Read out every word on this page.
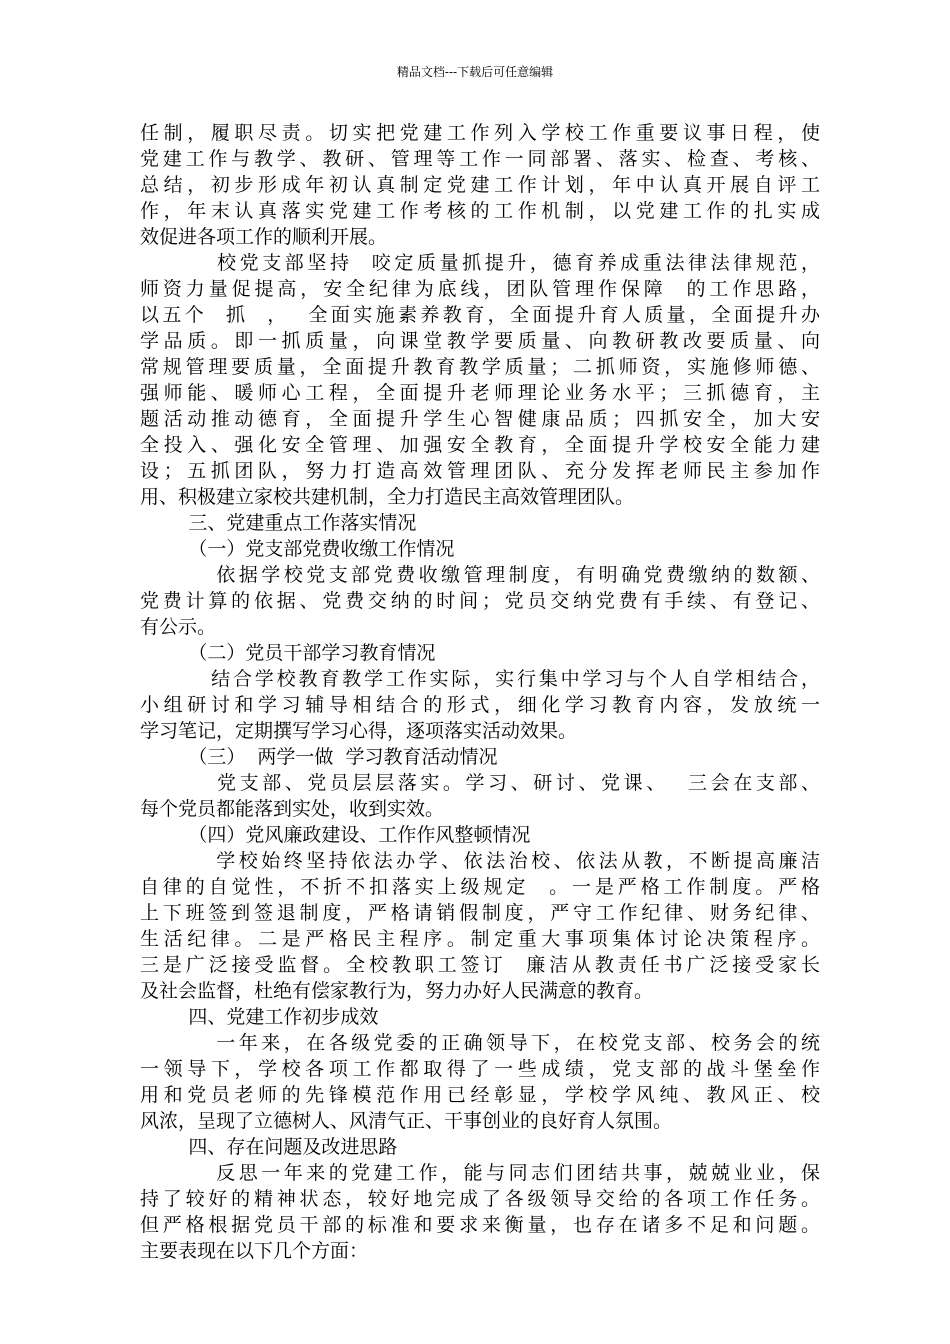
精品文档---下载后可任意编辑
任制，履职尽责。切实把党建工作列入学校工作重要议事日程，使
党建工作与教学、教研、管理等工作一同部署、落实、检查、考核、
总结，初步形成年初认真制定党建工作计划，年中认真开展自评工
作，年末认真落实党建工作考核的工作机制，以党建工作的扎实成
效促进各项工作的顺利开展。
校党支部坚持  咬定质量抓提升，德育养成重法律法律规范，
师资力量促提高，安全纪律为底线，团队管理作保障  的工作思路，
以五个  抓  ，  全面实施素养教育，全面提升育人质量，全面提升办
学品质。即一抓质量，向课堂教学要质量、向教研教改要质量、向
常规管理要质量，全面提升教育教学质量；二抓师资，实施修师德、
强师能、暖师心工程，全面提升老师理论业务水平；三抓德育，主
题活动推动德育，全面提升学生心智健康品质；四抓安全，加大安
全投入、强化安全管理、加强安全教育，全面提升学校安全能力建
设；五抓团队，努力打造高效管理团队、充分发挥老师民主参加作
用、积极建立家校共建机制，全力打造民主高效管理团队。
三、党建重点工作落实情况
（一）党支部党费收缴工作情况
依据学校党支部党费收缴管理制度，有明确党费缴纳的数额、
党费计算的依据、党费交纳的时间；党员交纳党费有手续、有登记、
有公示。
（二）党员干部学习教育情况
结合学校教育教学工作实际，实行集中学习与个人自学相结合，
小组研讨和学习辅导相结合的形式，细化学习教育内容，发放统一
学习笔记，定期撰写学习心得，逐项落实活动效果。
（三）  两学一做  学习教育活动情况
党支部、党员层层落实。学习、研讨、党课、  三会在支部、
每个党员都能落到实处，收到实效。
（四）党风廉政建设、工作作风整顿情况
学校始终坚持依法办学、依法治校、依法从教，不断提高廉洁
自律的自觉性，不折不扣落实上级规定  。一是严格工作制度。严格
上下班签到签退制度，严格请销假制度，严守工作纪律、财务纪律、
生活纪律。二是严格民主程序。制定重大事项集体讨论决策程序。
三是广泛接受监督。全校教职工签订  廉洁从教责任书广泛接受家长
及社会监督，杜绝有偿家教行为，努力办好人民满意的教育。
四、党建工作初步成效
一年来，在各级党委的正确领导下，在校党支部、校务会的统
一领导下，学校各项工作都取得了一些成绩，党支部的战斗堡垒作
用和党员老师的先锋模范作用已经彰显，学校学风纯、教风正、校
风浓，呈现了立德树人、风清气正、干事创业的良好育人氛围。
四、存在问题及改进思路
反思一年来的党建工作，能与同志们团结共事，兢兢业业，保
持了较好的精神状态，较好地完成了各级领导交给的各项工作任务。
但严格根据党员干部的标准和要求来衡量，也存在诸多不足和问题。
主要表现在以下几个方面：
